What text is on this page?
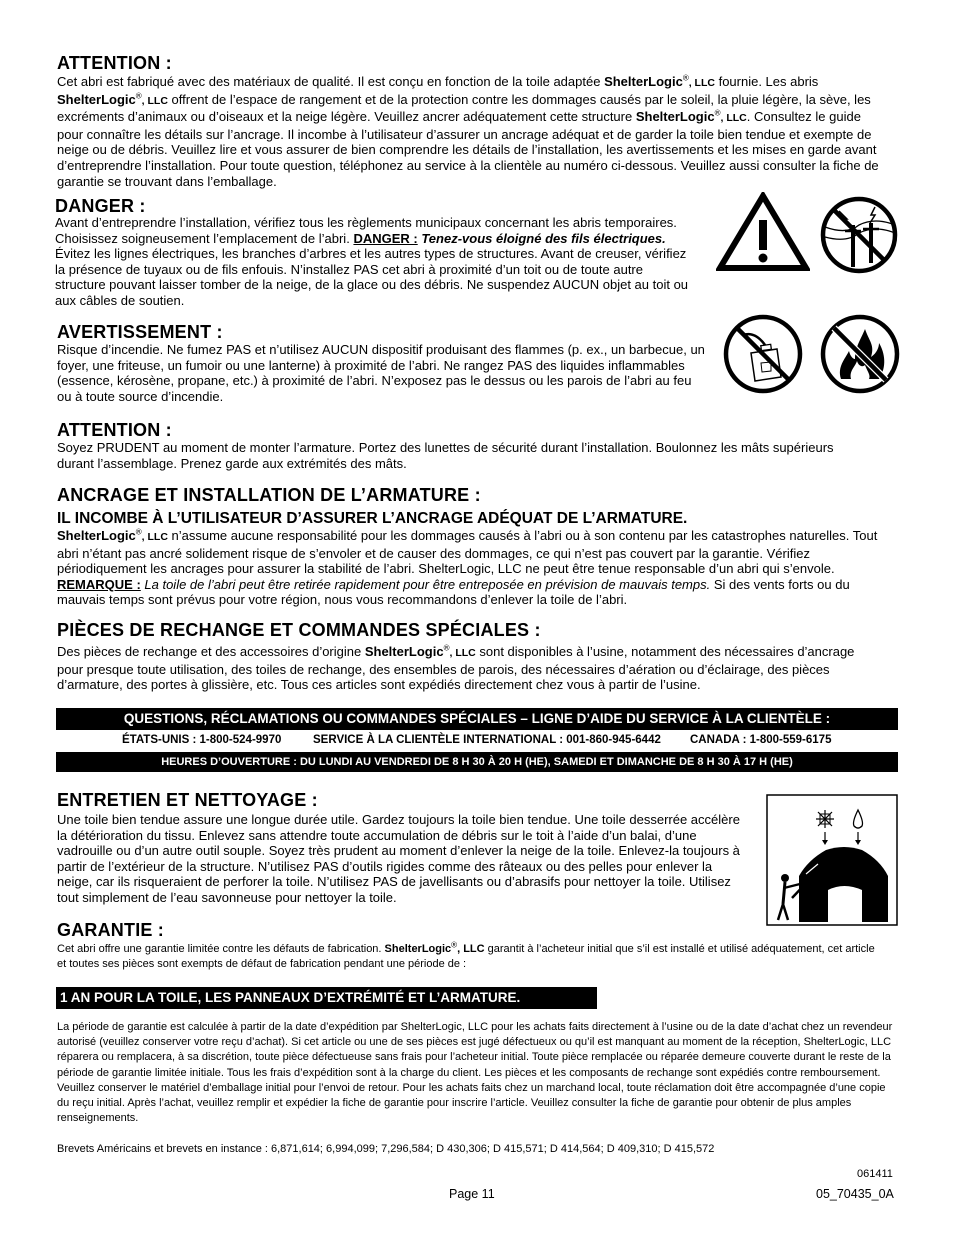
ATTENTION :

Cet abri est fabriqué avec des matériaux de qualité. Il est conçu en fonction de la toile adaptée ShelterLogic®, LLC fournie. Les abris
ShelterLogic®, LLC offrent de l’espace de rangement et de la protection contre les dommages causés par le soleil, la pluie légère, la sève, les excréments d’animaux ou d’oiseaux et la neige légère. Veuillez ancrer adéquatement cette structure ShelterLogic®, LLC. Consultez le guide pour connaître les détails sur l’ancrage. Il incombe à l’utilisateur d’assurer un ancrage adéquat et de garder la toile bien tendue et exempte de neige ou de débris. Veuillez lire et vous assurer de bien comprendre les détails de l’installation, les avertissements et les mises en garde avant d’entreprendre l’installation. Pour toute question, téléphonez au service à la clientèle au numéro ci-dessous. Veuillez aussi consulter la fiche de garantie se trouvant dans l’emballage.

DANGER :

Avant d’entreprendre l’installation, vérifiez tous les règlements municipaux concernant les abris temporaires. Choisissez soigneusement l’emplacement de l’abri. DANGER : Tenez-vous éloigné des fils électriques. Évitez les lignes électriques, les branches d’arbres et les autres types de structures. Avant de creuser, vérifiez la présence de tuyaux ou de fils enfouis. N’installez PAS cet abri à proximité d’un toit ou de toute autre structure pouvant laisser tomber de la neige, de la glace ou des débris. Ne suspendez AUCUN objet au toit ou aux câbles de soutien.

AVERTISSEMENT :

Risque d’incendie. Ne fumez PAS et n’utilisez AUCUN dispositif produisant des flammes (p. ex., un barbecue, un foyer, une friteuse, un fumoir ou une lanterne) à proximité de l’abri. Ne rangez PAS des liquides inflammables (essence, kérosène, propane, etc.) à proximité de l’abri. N’exposez pas le dessus ou les parois de l’abri au feu ou à toute source d’incendie.

ATTENTION :

Soyez PRUDENT au moment de monter l’armature. Portez des lunettes de sécurité durant l’installation. Boulonnez les mâts supérieurs durant l’assemblage. Prenez garde aux extrémités des mâts.

ANCRAGE ET INSTALLATION DE L’ARMATURE :
IL INCOMBE À L’UTILISATEUR D’ASSURER L’ANCRAGE ADÉQUAT DE L’ARMATURE.

ShelterLogic®, LLC n’assume aucune responsabilité pour les dommages causés à l’abri ou à son contenu par les catastrophes naturelles. Tout abri n’étant pas ancré solidement risque de s’envoler et de causer des dommages, ce qui n’est pas couvert par la garantie. Vérifiez périodiquement les ancrages pour assurer la stabilité de l’abri. ShelterLogic, LLC ne peut être tenue responsable d’un abri qui s’envole. REMARQUE : La toile de l’abri peut être retirée rapidement pour être entreposée en prévision de mauvais temps. Si des vents forts ou du mauvais temps sont prévus pour votre région, nous vous recommandons d’enlever la toile de l’abri.

PIÈCES DE RECHANGE ET COMMANDES SPÉCIALES :

Des pièces de rechange et des accessoires d’origine ShelterLogic®, LLC sont disponibles à l’usine, notamment des nécessaires d’ancrage pour presque toute utilisation, des toiles de rechange, des ensembles de parois, des nécessaires d’aération ou d’éclairage, des pièces d’armature, des portes à glissière, etc. Tous ces articles sont expédiés directement chez vous à partir de l’usine.

QUESTIONS, RÉCLAMATIONS OU COMMANDES SPÉCIALES – LIGNE D’AIDE DU SERVICE À LA CLIENTÈLE :
ÉTATS-UNIS : 1-800-524-9970	SERVICE À LA CLIENTÈLE INTERNATIONAL : 001-860-945-6442	CANADA : 1-800-559-6175
HEURES D’OUVERTURE : DU LUNDI AU VENDREDI DE 8 H 30 À 20 H (HE), SAMEDI ET DIMANCHE DE 8 H 30 À 17 H (HE)
ENTRETIEN ET NETTOYAGE :

Une toile bien tendue assure une longue durée utile. Gardez toujours la toile bien tendue. Une toile desserrée accélère la détérioration du tissu. Enlevez sans attendre toute accumulation de débris sur le toit à l’aide d’un balai, d’une vadrouille ou d’un autre outil souple. Soyez très prudent au moment d’enlever la neige de la toile. Enlevez-la toujours à partir de l’extérieur de la structure. N’utilisez PAS d’outils rigides comme des râteaux ou des pelles pour enlever la neige, car ils risqueraient de perforer la toile. N’utilisez PAS de javellisants ou d’abrasifs pour nettoyer la toile. Utilisez tout simplement de l’eau savonneuse pour nettoyer la toile.

GARANTIE :

Cet abri offre une garantie limitée contre les défauts de fabrication. ShelterLogic®, LLC garantit à l’acheteur initial que s’il est installé et utilisé adéquatement, cet article et toutes ses pièces sont exempts de défaut de fabrication pendant une période de :

1 AN POUR LA TOILE, LES PANNEAUX D’EXTRÉMITÉ ET L’ARMATURE.

La période de garantie est calculée à partir de la date d’expédition par ShelterLogic, LLC pour les achats faits directement à l’usine ou de la date d’achat chez un revendeur autorisé (veuillez conserver votre reçu d’achat). Si cet article ou une de ses pièces est jugé défectueux ou qu’il est manquant au moment de la réception, ShelterLogic, LLC réparera ou remplacera, à sa discrétion, toute pièce défectueuse sans frais pour l’acheteur initial. Toute pièce remplacée ou réparée demeure couverte durant le reste de la période de garantie limitée initiale. Tous les frais d’expédition sont à la charge du client. Les pièces et les composants de rechange sont expédiés contre remboursement. Veuillez conserver le matériel d’emballage initial pour l’envoi de retour. Pour les achats faits chez un marchand local, toute réclamation doit être accompagnée d’une copie du reçu initial. Après l’achat, veuillez remplir et expédier la fiche de garantie pour inscrire l’article. Veuillez consulter la fiche de garantie pour obtenir de plus amples renseignements.

Brevets Américains et brevets en instance : 6,871,614; 6,994,099; 7,296,584; D 430,306; D 415,571; D 414,564; D 409,310; D 415,572

061411
Page 11	05_70435_0A
